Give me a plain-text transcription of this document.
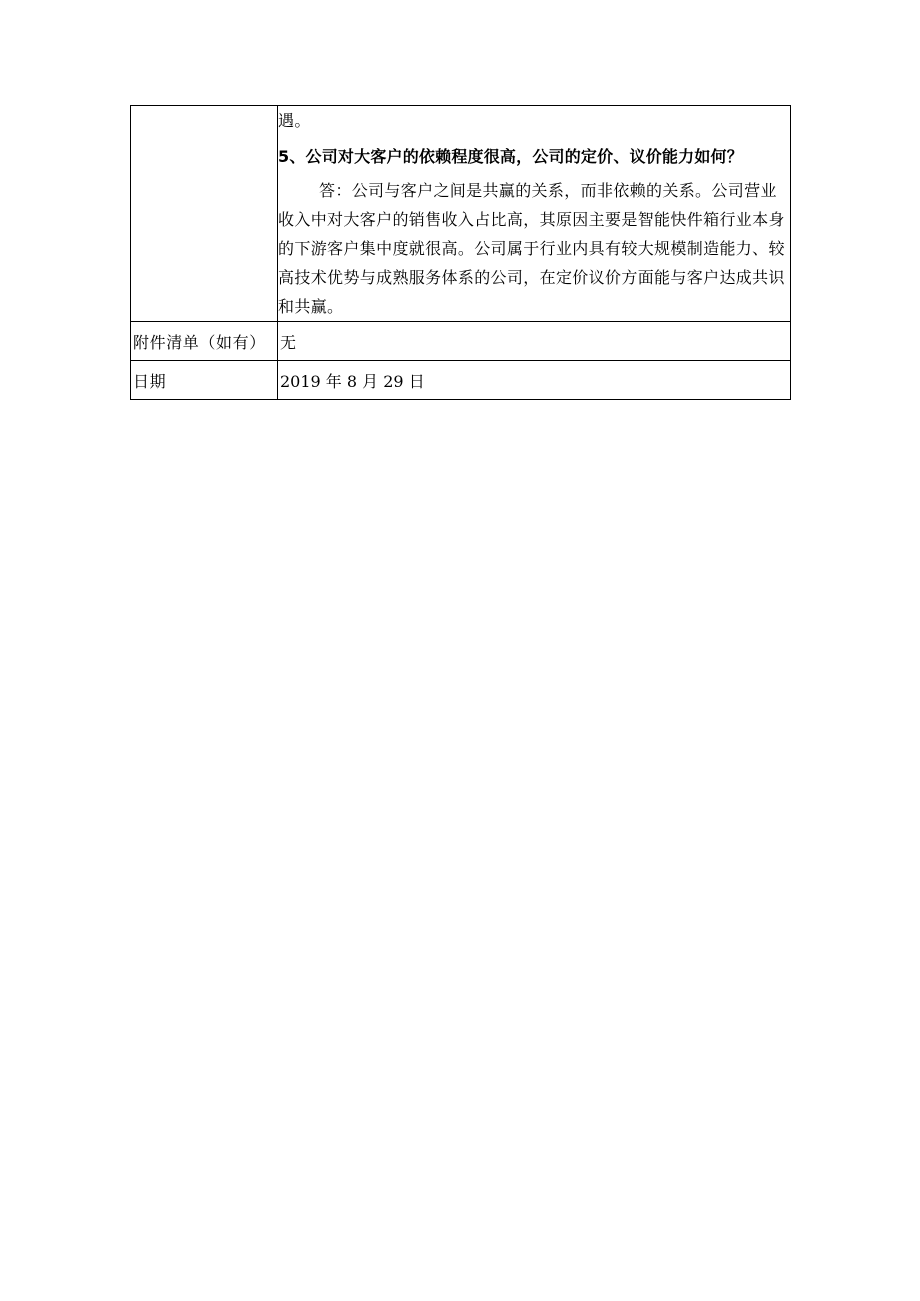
	遇。

5、公司对大客户的依赖程度很高，公司的定价、议价能力如何？

答：公司与客户之间是共赢的关系，而非依赖的关系。公司营业收入中对大客户的销售收入占比高，其原因主要是智能快件箱行业本身的下游客户集中度就很高。公司属于行业内具有较大规模制造能力、较高技术优势与成熟服务体系的公司，在定价议价方面能与客户达成共识和共赢。

附件清单（如有）	无
日期	2019 年 8 月 29 日
